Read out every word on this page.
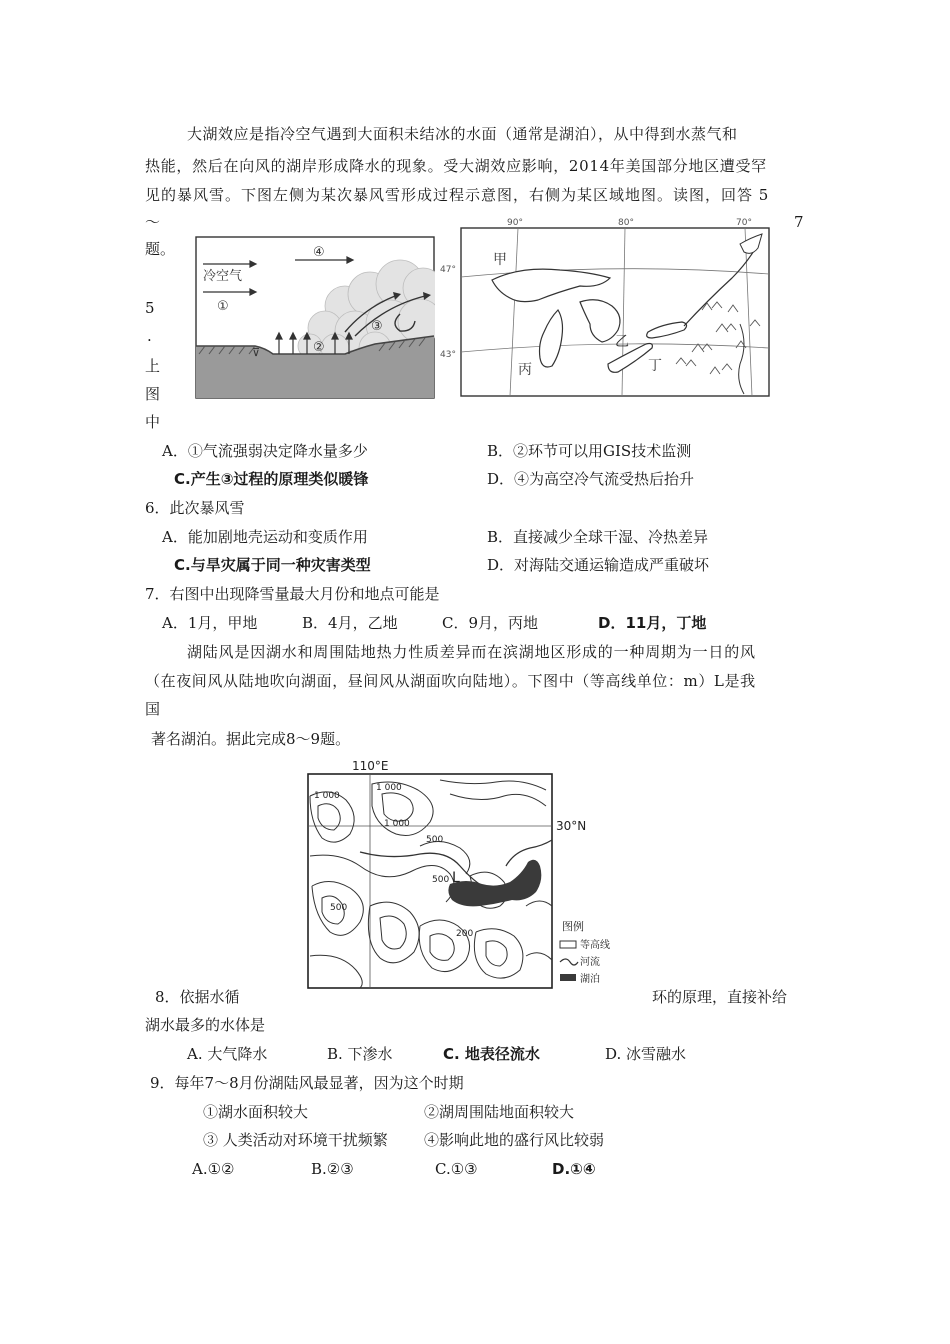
大湖效应是指冷空气遇到大面积未结冰的水面（通常是湖泊），从中得到水蒸气和
热能，然后在向风的湖岸形成降水的现象。受大湖效应影响，2014年美国部分地区遭受罕
见的暴风雪。下图左侧为某次暴风雪形成过程示意图，右侧为某区域地图。读图，回答 5
～	7
题。
冷空气
①
④
⊽	②
③
90°	80°	70°
47°
43°
甲
乙
丙	丁
5
.
上
图
中
A．①气流强弱决定降水量多少	B．②环节可以用GIS技术监测
C.产生③过程的原理类似暖锋	D．④为高空冷气流受热后抬升
6．此次暴风雪
A．能加剧地壳运动和变质作用	B．直接减少全球干湿、冷热差异
C.与旱灾属于同一种灾害类型	D．对海陆交通运输造成严重破坏
7．右图中出现降雪量最大月份和地点可能是
A．1月，甲地	B．4月，乙地	C．9月，丙地	D．11月，丁地
湖陆风是因湖水和周围陆地热力性质差异而在滨湖地区形成的一种周期为一日的风
（在夜间风从陆地吹向湖面，昼间风从湖面吹向陆地）。下图中（等高线单位：m）L是我
国
著名湖泊。据此完成8～9题。
110°E
30°N
L
1 000
1 000
1 000
500
500
500
200
图例
等高线
河流
湖泊
8．依据水循	环的原理，直接补给
湖水最多的水体是
A. 大气降水	B. 下渗水	C. 地表径流水	D. 冰雪融水
9．每年7～8月份湖陆风最显著，因为这个时期
①湖水面积较大	②湖周围陆地面积较大
③ 人类活动对环境干扰频繁 ④影响此地的盛行风比较弱
A.①②	B.②③	C.①③	D.①④
